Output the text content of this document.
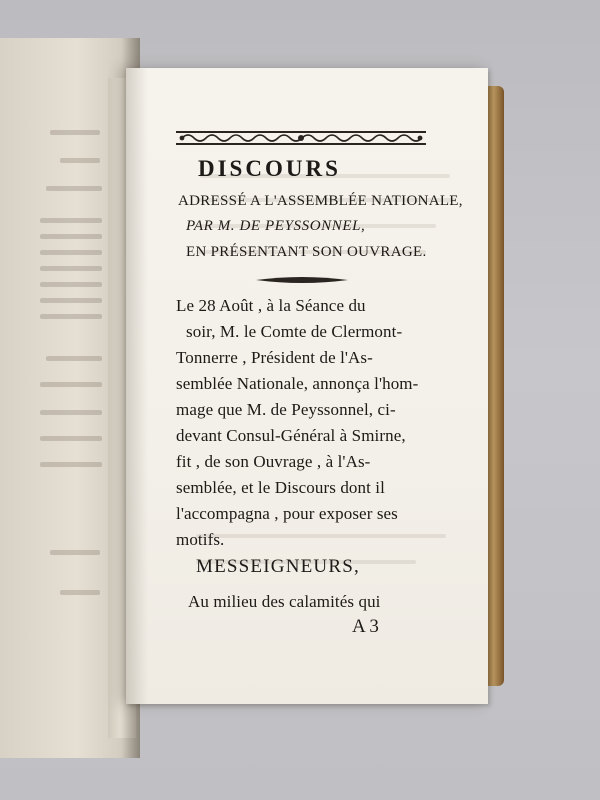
DISCOURS

ADRESSÉ A L'ASSEMBLÉE NATIONALE,

PAR M. DE PEYSSONNEL,

EN PRÉSENTANT SON OUVRAGE.

Le 28 Août , à la Séance du

soir, M. le Comte de Clermont-

Tonnerre , Président de l'As-

semblée Nationale, annonça l'hom-

mage que M. de Peyssonnel, ci-

devant Consul-Général à Smirne,

fit , de son Ouvrage , à l'As-

semblée, et le Discours dont il

l'accompagna , pour exposer ses

MESSEIGNEURS,

Au milieu des calamités qui

A 3

motifs.
